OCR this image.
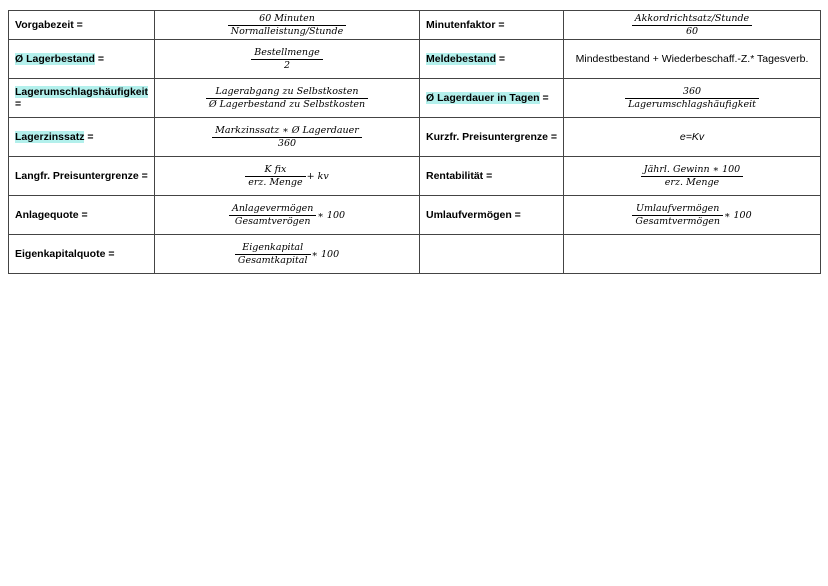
Vorgabezeit =	$\frac{\text{60 Minuten}}{\text{Normalleistung/Stunde}}$	Minutenfaktor =	$\frac{\text{Akkordrichtsatz/Stunde}}{60}$

Ø Lagerbestand =	$\frac{\text{Bestellmenge}}{2}$	Meldebestand =	Mindestbestand + Wiederbeschaff.-Z.* Tagesverb.
Lagerumschlagshäufigkeit =	$\frac{\text{Lagerabgang zu Selbstkosten}}{\text{Ø Lagerbestand zu Selbstkosten}}$	Ø Lagerdauer in Tagen =	$\frac{360}{\text{Lagerumschlagshäufigkeit}}$

Lagerzinssatz =	$\frac{\text{Markzinssatz ∗ Ø Lagerdauer}}{360}$	Kurzfr. Preisuntergrenze =	e=Kv
Langfr. Preisuntergrenze =	$\frac{\text{K fix}}{\text{erz. Menge}}$ + kv	Rentabilität =	$\frac{\text{Jährl. Gewinn ∗ 100}}{\text{erz. Menge}}$

Anlagequote =	$\frac{\text{Anlagevermögen}}{\text{Gesamtverögen}}$ ∗ 100	Umlaufvermögen =	$\frac{\text{Umlaufvermögen}}{\text{Gesamtvermögen}}$ ∗ 100
Eigenkapitalquote =	$\frac{\text{Eigenkapital}}{\text{Gesamtkapital}}$ ∗ 100		
